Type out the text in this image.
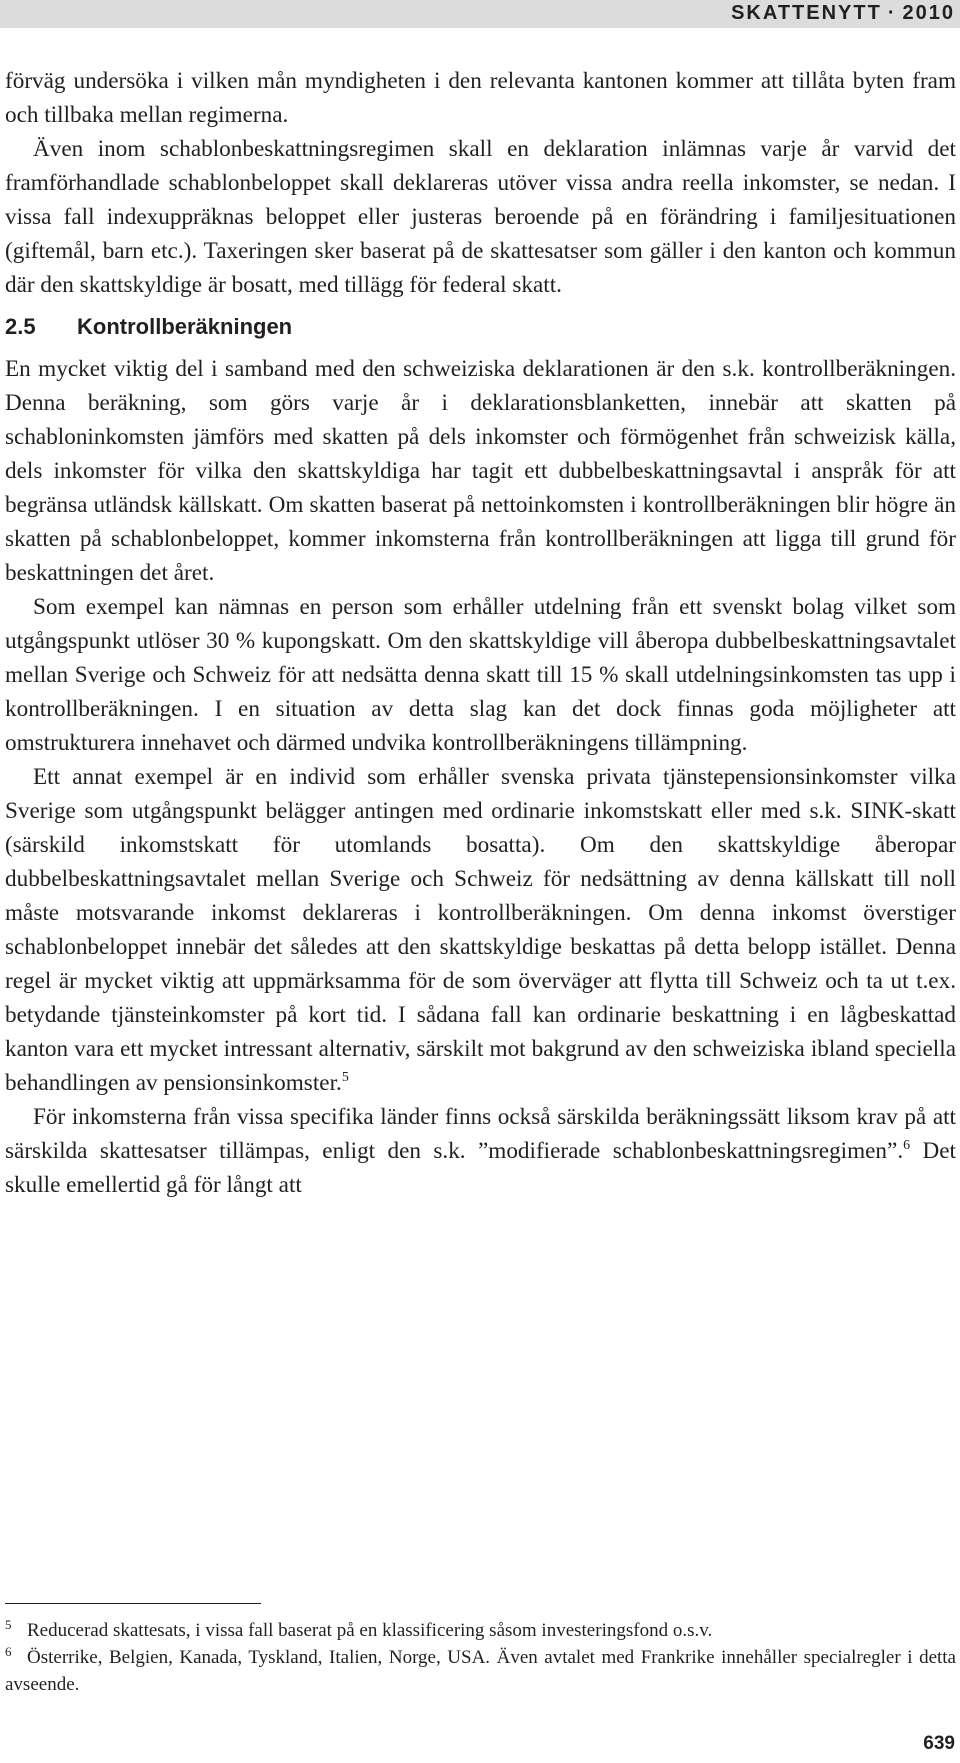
SKATTENYTT · 2010

förväg undersöka i vilken mån myndigheten i den relevanta kantonen kommer att tillåta byten fram och tillbaka mellan regimerna.

Även inom schablonbeskattningsregimen skall en deklaration inlämnas varje år varvid det framförhandlade schablonbeloppet skall deklareras utöver vissa andra reella inkomster, se nedan. I vissa fall indexuppräknas beloppet eller justeras beroende på en förändring i familjesituationen (giftemål, barn etc.). Taxeringen sker baserat på de skattesatser som gäller i den kanton och kommun där den skattskyldige är bosatt, med tillägg för federal skatt.

2.5 Kontrollberäkningen

En mycket viktig del i samband med den schweiziska deklarationen är den s.k. kontrollberäkningen. Denna beräkning, som görs varje år i deklarationsblanketten, innebär att skatten på schabloninkomsten jämförs med skatten på dels inkomster och förmögenhet från schweizisk källa, dels inkomster för vilka den skattskyldiga har tagit ett dubbelbeskattningsavtal i anspråk för att begränsa utländsk källskatt. Om skatten baserat på nettoinkomsten i kontrollberäkningen blir högre än skatten på schablonbeloppet, kommer inkomsterna från kontrollberäkningen att ligga till grund för beskattningen det året.

Som exempel kan nämnas en person som erhåller utdelning från ett svenskt bolag vilket som utgångspunkt utlöser 30 % kupongskatt. Om den skattskyldige vill åberopa dubbelbeskattningsavtalet mellan Sverige och Schweiz för att nedsätta denna skatt till 15 % skall utdelningsinkomsten tas upp i kontrollberäkningen. I en situation av detta slag kan det dock finnas goda möjligheter att omstrukturera innehavet och därmed undvika kontrollberäkningens tillämpning.

Ett annat exempel är en individ som erhåller svenska privata tjänstepensionsinkomster vilka Sverige som utgångspunkt belägger antingen med ordinarie inkomstskatt eller med s.k. SINK-skatt (särskild inkomstskatt för utomlands bosatta). Om den skattskyldige åberopar dubbelbeskattningsavtalet mellan Sverige och Schweiz för nedsättning av denna källskatt till noll måste motsvarande inkomst deklareras i kontrollberäkningen. Om denna inkomst överstiger schablonbeloppet innebär det således att den skattskyldige beskattas på detta belopp istället. Denna regel är mycket viktig att uppmärksamma för de som överväger att flytta till Schweiz och ta ut t.ex. betydande tjänsteinkomster på kort tid. I sådana fall kan ordinarie beskattning i en lågbeskattad kanton vara ett mycket intressant alternativ, särskilt mot bakgrund av den schweiziska ibland speciella behandlingen av pensionsinkomster.$^5$

För inkomsterna från vissa specifika länder finns också särskilda beräkningssätt liksom krav på att särskilda skattesatser tillämpas, enligt den s.k. ”modifierade schablonbeskattningsregimen”.$^6$ Det skulle emellertid gå för långt att

5 Reducerad skattesats, i vissa fall baserat på en klassificering såsom investeringsfond o.s.v.

6 Österrike, Belgien, Kanada, Tyskland, Italien, Norge, USA. Även avtalet med Frankrike innehåller specialregler i detta avseende.

639
